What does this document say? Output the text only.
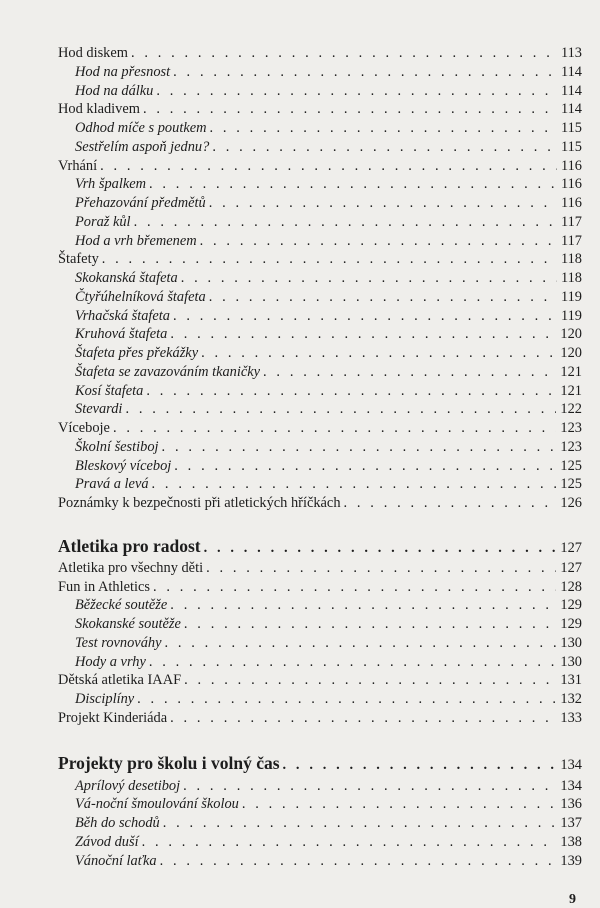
Hod diskem . . .	113
Hod na přesnost . . .	114
Hod na dálku . . .	114
Hod kladivem . . .	114
Odhod míče s poutkem . . .	115
Sestřelím aspoň jednu? . . .	115
Vrhání . . .	116
Vrh špalkem . . .	116
Přehazování předmětů . . .	116
Poraž kůl . . .	117
Hod a vrh břemenem . . .	117
Štafety . . .	118
Skokanská štafeta . . .	118
Čtyřúhelníková štafeta . . .	119
Vrhačská štafeta . . .	119
Kruhová štafeta . . .	120
Štafeta přes překážky . . .	120
Štafeta se zavazováním tkaničky . . .	121
Kosí štafeta . . .	121
Stevardi . . .	122
Víceboje . . .	123
Školní šestiboj . . .	123
Bleskový víceboj . . .	125
Pravá a levá . . .	125
Poznámky k bezpečnosti při atletických hříčkách . . .	126
Atletika pro radost . . .	127
Atletika pro všechny děti . . .	127
Fun in Athletics . . .	128
Běžecké soutěže . . .	129
Skokanské soutěže . . .	129
Test rovnováhy . . .	130
Hody a vrhy . . .	130
Dětská atletika IAAF . . .	131
Disciplíny . . .	132
Projekt Kinderiáda . . .	133
Projekty pro školu i volný čas . . .	134
Aprílový desetiboj . . .	134
Vá-noční šmoulování školou . . .	136
Běh do schodů . . .	137
Závod duší . . .	138
Vánoční laťka . . .	139
9
